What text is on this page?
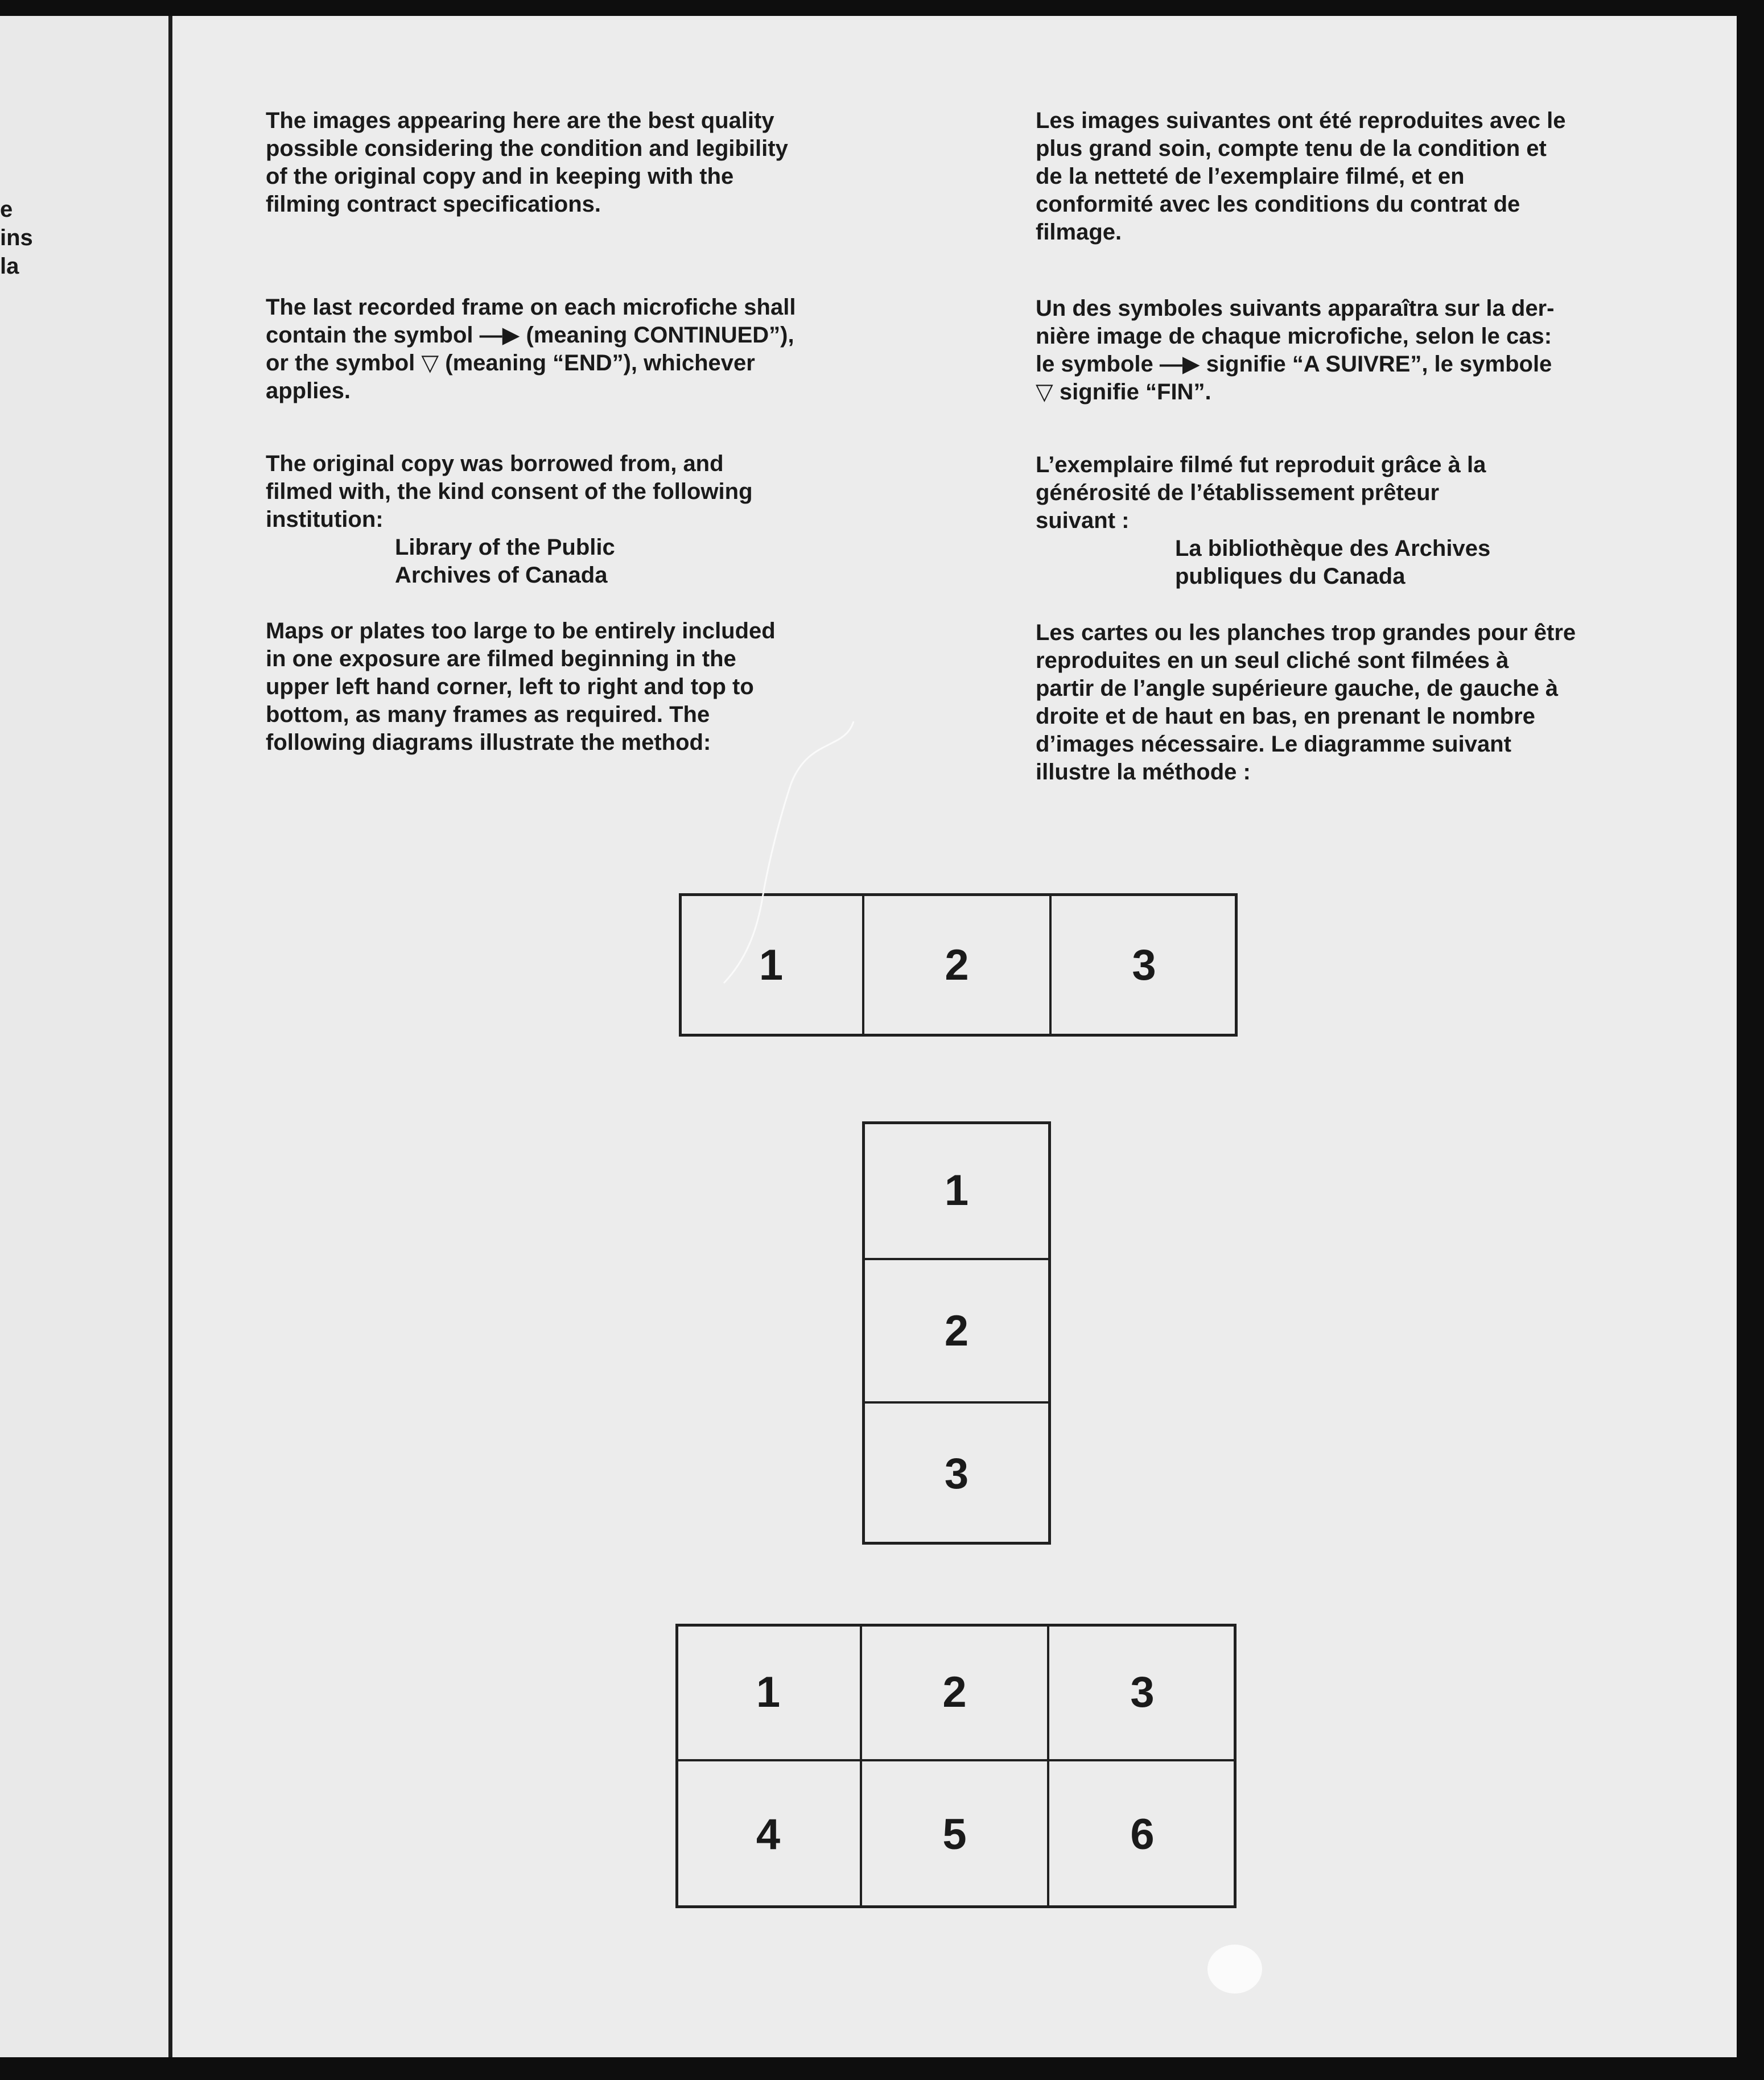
e
ins
la
The images appearing here are the best quality
possible considering the condition and legibility
of the original copy and in keeping with the
filming contract specifications.
The last recorded frame on each microfiche shall
contain the symbol —▶ (meaning CONTINUED”),
or the symbol ▽ (meaning “END”), whichever
applies.
The original copy was borrowed from, and
filmed with, the kind consent of the following
institution:
Library of the Public
Archives of Canada
Maps or plates too large to be entirely included
in one exposure are filmed beginning in the
upper left hand corner, left to right and top to
bottom, as many frames as required. The
following diagrams illustrate the method:
Les images suivantes ont été reproduites avec le
plus grand soin, compte tenu de la condition et
de la netteté de l’exemplaire filmé, et en
conformité avec les conditions du contrat de
filmage.
Un des symboles suivants apparaîtra sur la der-
nière image de chaque microfiche, selon le cas:
le symbole —▶ signifie “A SUIVRE”, le symbole
▽ signifie “FIN”.
L’exemplaire filmé fut reproduit grâce à la
générosité de l’établissement prêteur
suivant :
La bibliothèque des Archives
publiques du Canada
Les cartes ou les planches trop grandes pour être
reproduites en un seul cliché sont filmées à
partir de l’angle supérieure gauche, de gauche à
droite et de haut en bas, en prenant le nombre
d’images nécessaire. Le diagramme suivant
illustre la méthode :
1	2	3
1
2
3
1	2	3
4	5	6
